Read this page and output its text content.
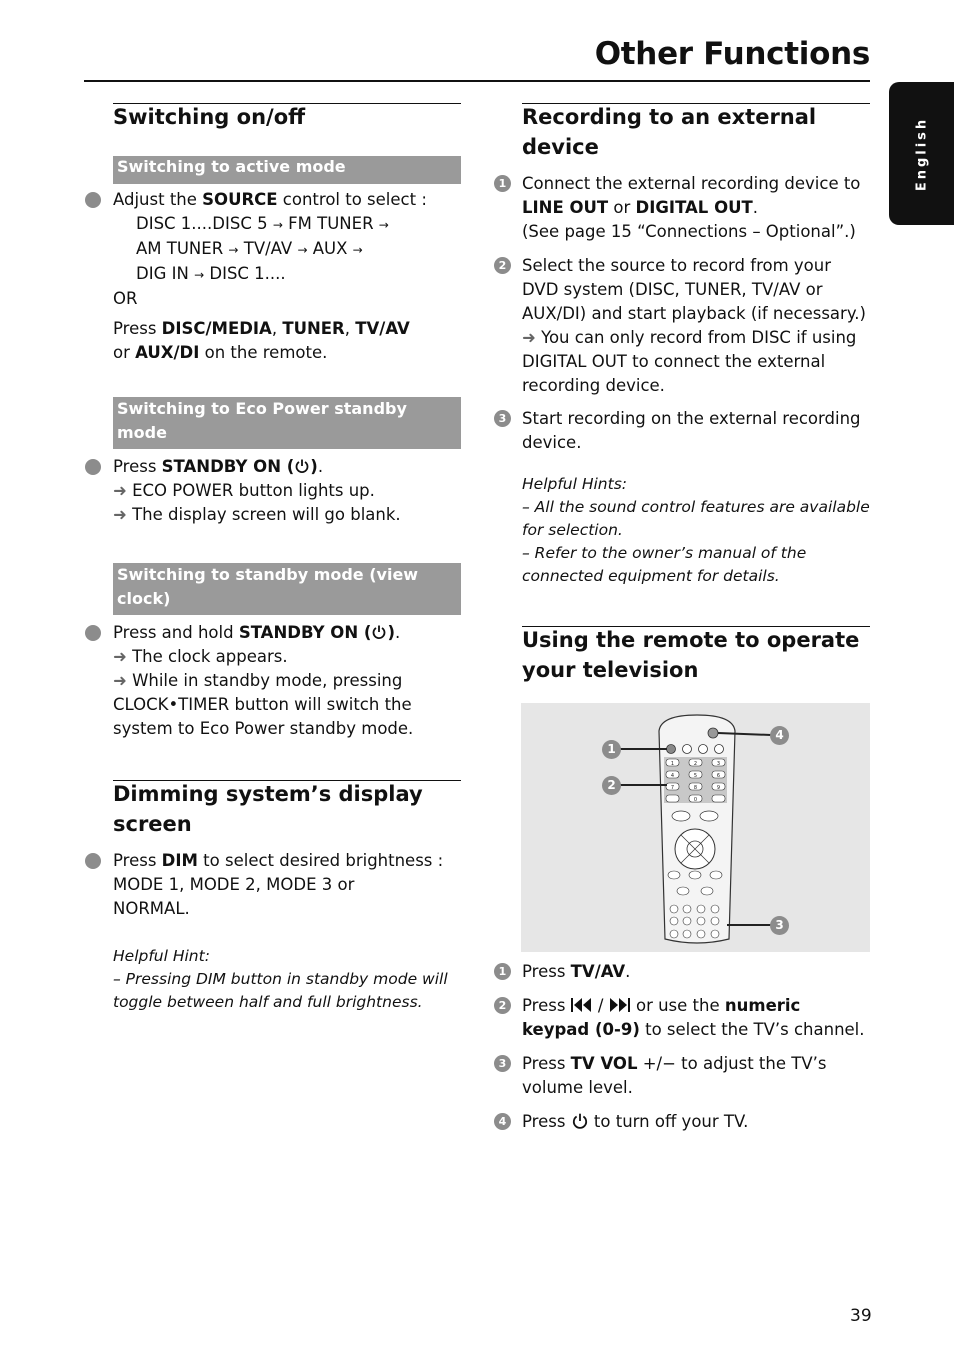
Other Functions
English
Switching on/off
Switching to active mode
Adjust the SOURCE control to select :
DISC 1....DISC 5 → FM TUNER →
AM TUNER → TV/AV → AUX →
DIG IN → DISC 1....
OR
Press DISC/MEDIA, TUNER, TV/AV
or AUX/DI on the remote.
Switching to Eco Power standby mode
Press STANDBY ON ( ).
➜ ECO POWER button lights up.
➜ The display screen will go blank.
Switching to standby mode (view clock)
Press and hold STANDBY ON ( ).
➜ The clock appears.
➜ While in standby mode, pressing
CLOCK•TIMER button will switch the
system to Eco Power standby mode.
Dimming system’s display
screen
Press DIM to select desired brightness :
MODE 1, MODE 2, MODE 3 or
NORMAL.
Helpful Hint:
– Pressing DIM button in standby mode will
toggle between half and full brightness.
Recording to an external
device
1 Connect the external recording device to
LINE OUT or DIGITAL OUT.
(See page 15 “Connections – Optional”.)
2 Select the source to record from your
DVD system (DISC, TUNER, TV/AV or
AUX/DI) and start playback (if necessary.)
➜ You can only record from DISC if using
DIGITAL OUT to connect the external
recording device.
3 Start recording on the external recording
device.
Helpful Hints:
– All the sound control features are available
for selection.
– Refer to the owner’s manual of the
connected equipment for details.
Using the remote to operate
your television
1	2	3
4	5	6
7	8	9
0
1
2
4
3
1 Press TV/AV.
2 Press  /  or use the numeric
keypad (0-9) to select the TV’s channel.
3 Press TV VOL +/− to adjust the TV’s
volume level.
4 Press  to turn off your TV.
39
